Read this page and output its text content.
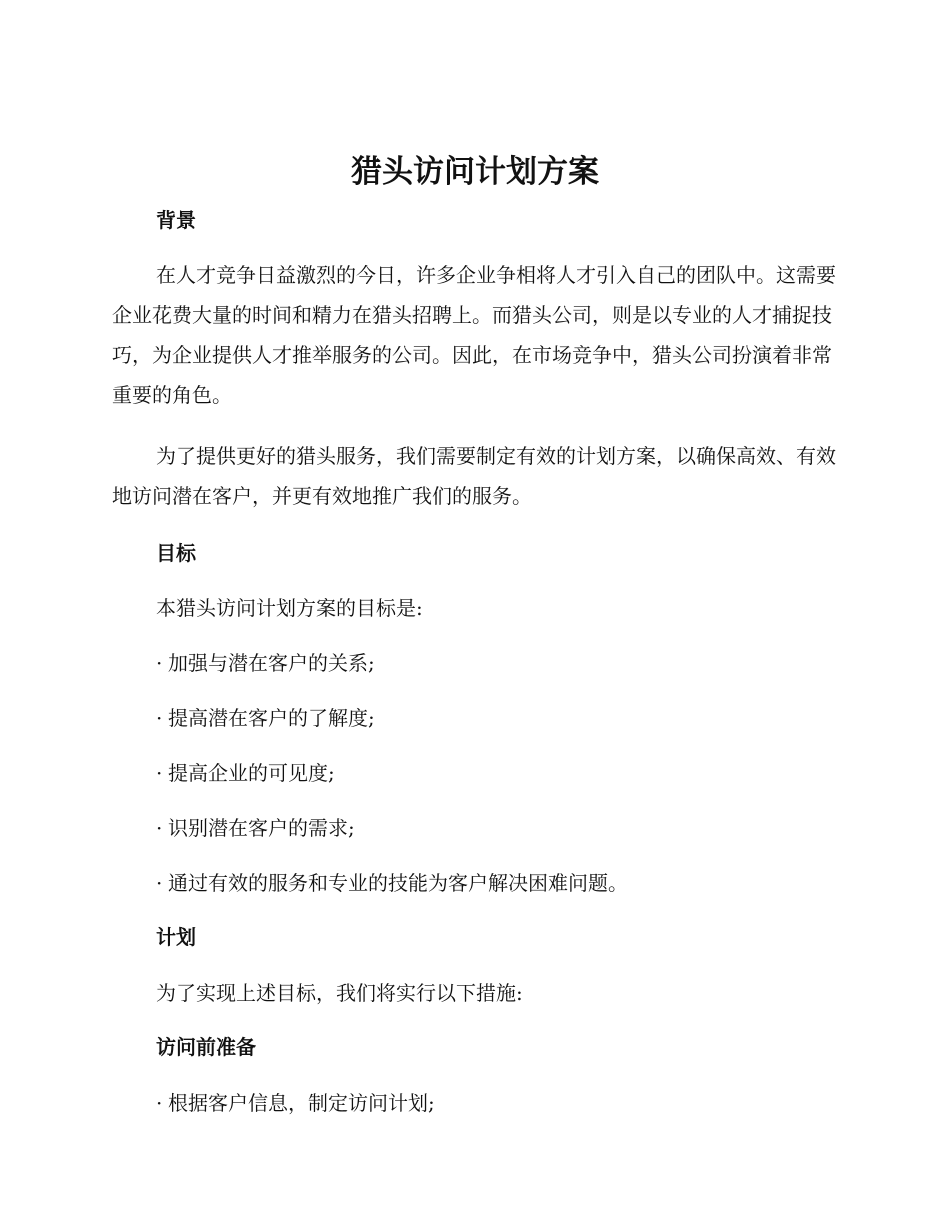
猎头访问计划方案
背景

在人才竞争日益激烈的今日，许多企业争相将人才引入自己的团队中。这需要企业花费大量的时间和精力在猎头招聘上。而猎头公司，则是以专业的人才捕捉技巧，为企业提供人才推举服务的公司。因此，在市场竞争中，猎头公司扮演着非常重要的角色。

为了提供更好的猎头服务，我们需要制定有效的计划方案，以确保高效、有效地访问潜在客户，并更有效地推广我们的服务。

目标

本猎头访问计划方案的目标是:

· 加强与潜在客户的关系;

· 提高潜在客户的了解度;

· 提高企业的可见度;

· 识别潜在客户的需求;

· 通过有效的服务和专业的技能为客户解决困难问题。

计划

为了实现上述目标，我们将实行以下措施:

访问前准备

· 根据客户信息，制定访问计划;
